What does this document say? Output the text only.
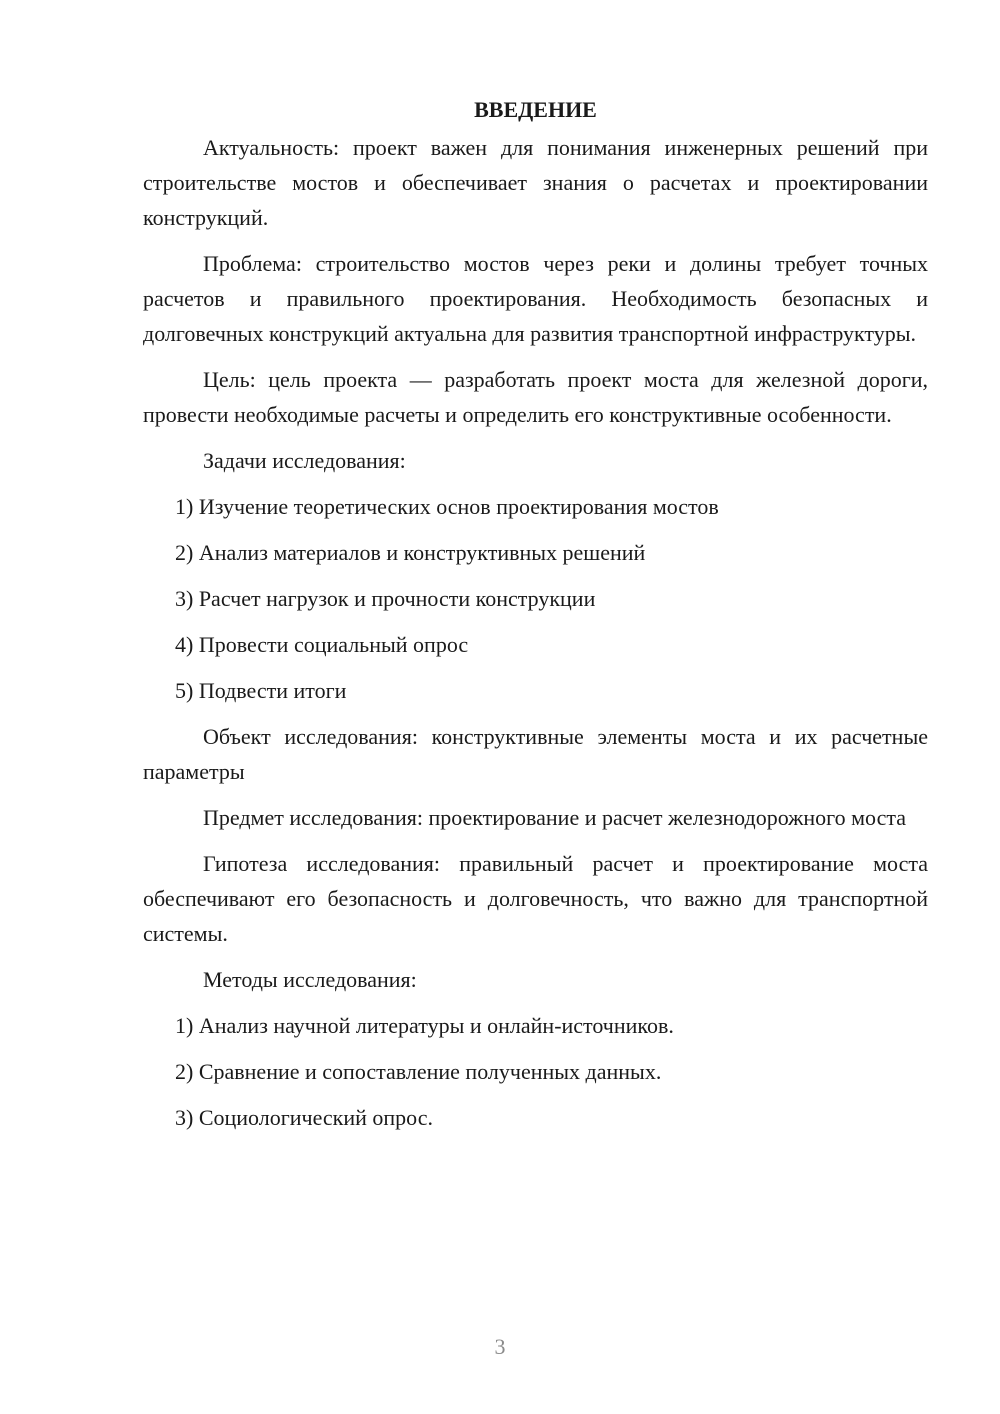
ВВЕДЕНИЕ

Актуальность: проект важен для понимания инженерных решений при строительстве мостов и обеспечивает знания о расчетах и проектировании конструкций.

Проблема: строительство мостов через реки и долины требует точных расчетов и правильного проектирования. Необходимость безопасных и долговечных конструкций актуальна для развития транспортной инфраструктуры.

Цель: цель проекта — разработать проект моста для железной дороги, провести необходимые расчеты и определить его конструктивные особенности.

Задачи исследования:

1) Изучение теоретических основ проектирования мостов
2) Анализ материалов и конструктивных решений
3) Расчет нагрузок и прочности конструкции
4) Провести социальный опрос
5) Подвести итоги

Объект исследования: конструктивные элементы моста и их расчетные параметры

Предмет исследования: проектирование и расчет железнодорожного моста

Гипотеза исследования: правильный расчет и проектирование моста обеспечивают его безопасность и долговечность, что важно для транспортной системы.

Методы исследования:

1) Анализ научной литературы и онлайн-источников.
2) Сравнение и сопоставление полученных данных.
3) Социологический опрос.
3
